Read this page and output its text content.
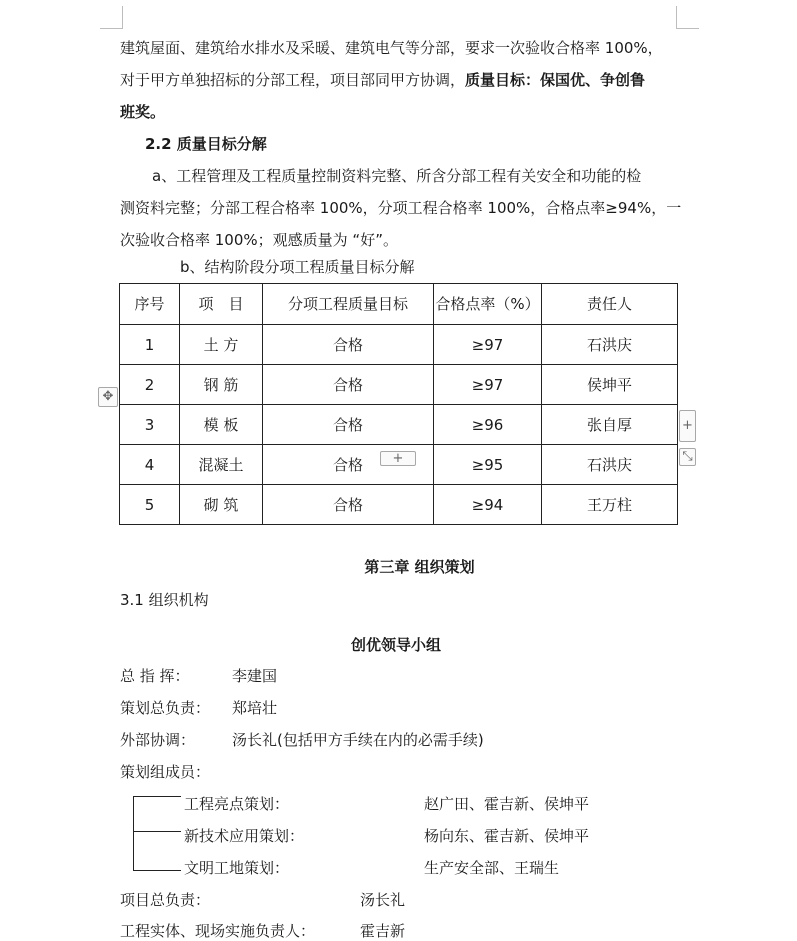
建筑屋面、建筑给水排水及采暖、建筑电气等分部，要求一次验收合格率 100%，
对于甲方单独招标的分部工程，项目部同甲方协调，质量目标：保国优、争创鲁
班奖。
2.2 质量目标分解
a、工程管理及工程质量控制资料完整、所含分部工程有关安全和功能的检
测资料完整；分部工程合格率 100%，分项工程合格率 100%，合格点率≥94%，一
次验收合格率 100%；观感质量为 “好”。
b、结构阶段分项工程质量目标分解
✥
序号	项　目	分项工程质量目标	合格点率（%）	责任人
1	土 方	合格	≥97	石洪庆
2	钢 筋	合格	≥97	侯坤平
3	模 板	合格	≥96	张自厚
4	混凝土	合格	≥95	石洪庆
5	砌 筑	合格	≥94	王万柱
+
+
⤡
第三章 组织策划
3.1 组织机构
创优领导小组
总 指 挥：	李建国
策划总负责： 郑培壮
外部协调： 汤长礼(包括甲方手续在内的必需手续)
策划组成员：
工程亮点策划：	赵广田、霍吉新、侯坤平
新技术应用策划：	杨向东、霍吉新、侯坤平
文明工地策划：	生产安全部、王瑞生
项目总负责：	汤长礼
工程实体、现场实施负责人：	霍吉新
